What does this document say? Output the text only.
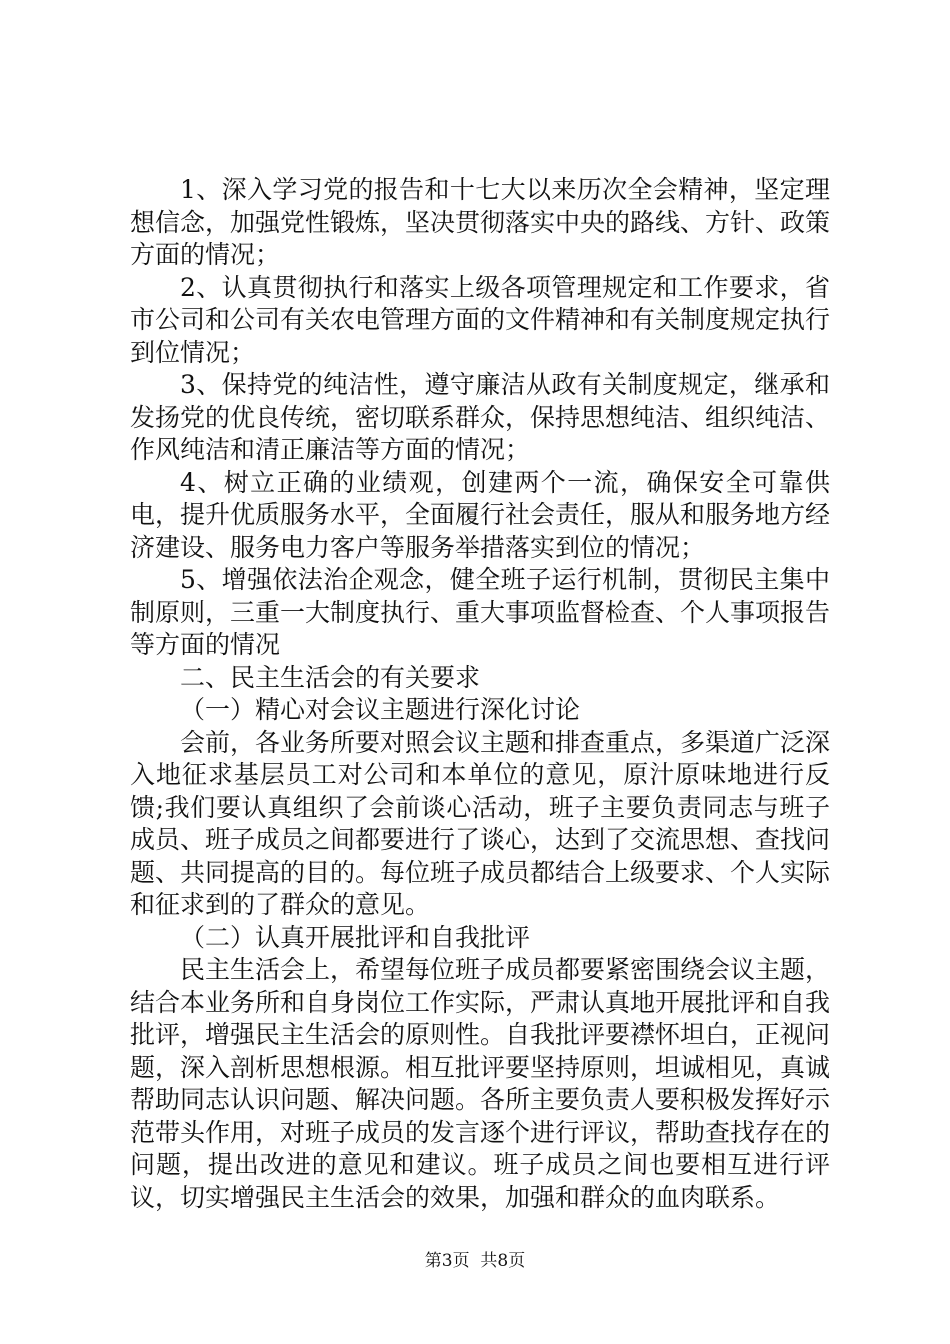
1、深入学习党的报告和十七大以来历次全会精神，坚定理想信念，加强党性锻炼，坚决贯彻落实中央的路线、方针、政策方面的情况；

2、认真贯彻执行和落实上级各项管理规定和工作要求，省市公司和公司有关农电管理方面的文件精神和有关制度规定执行到位情况；

3、保持党的纯洁性，遵守廉洁从政有关制度规定，继承和发扬党的优良传统，密切联系群众，保持思想纯洁、组织纯洁、作风纯洁和清正廉洁等方面的情况；

4、树立正确的业绩观，创建两个一流，确保安全可靠供电，提升优质服务水平，全面履行社会责任，服从和服务地方经济建设、服务电力客户等服务举措落实到位的情况；

5、增强依法治企观念，健全班子运行机制，贯彻民主集中制原则，三重一大制度执行、重大事项监督检查、个人事项报告等方面的情况

二、民主生活会的有关要求

（一）精心对会议主题进行深化讨论

会前，各业务所要对照会议主题和排查重点，多渠道广泛深入地征求基层员工对公司和本单位的意见，原汁原味地进行反馈;我们要认真组织了会前谈心活动，班子主要负责同志与班子成员、班子成员之间都要进行了谈心，达到了交流思想、查找问题、共同提高的目的。每位班子成员都结合上级要求、个人实际和征求到的了群众的意见。

（二）认真开展批评和自我批评

民主生活会上，希望每位班子成员都要紧密围绕会议主题，结合本业务所和自身岗位工作实际，严肃认真地开展批评和自我批评，增强民主生活会的原则性。自我批评要襟怀坦白，正视问题，深入剖析思想根源。相互批评要坚持原则，坦诚相见，真诚帮助同志认识问题、解决问题。各所主要负责人要积极发挥好示范带头作用，对班子成员的发言逐个进行评议，帮助查找存在的问题，提出改进的意见和建议。班子成员之间也要相互进行评议，切实增强民主生活会的效果，加强和群众的血肉联系。

第3页  共8页
